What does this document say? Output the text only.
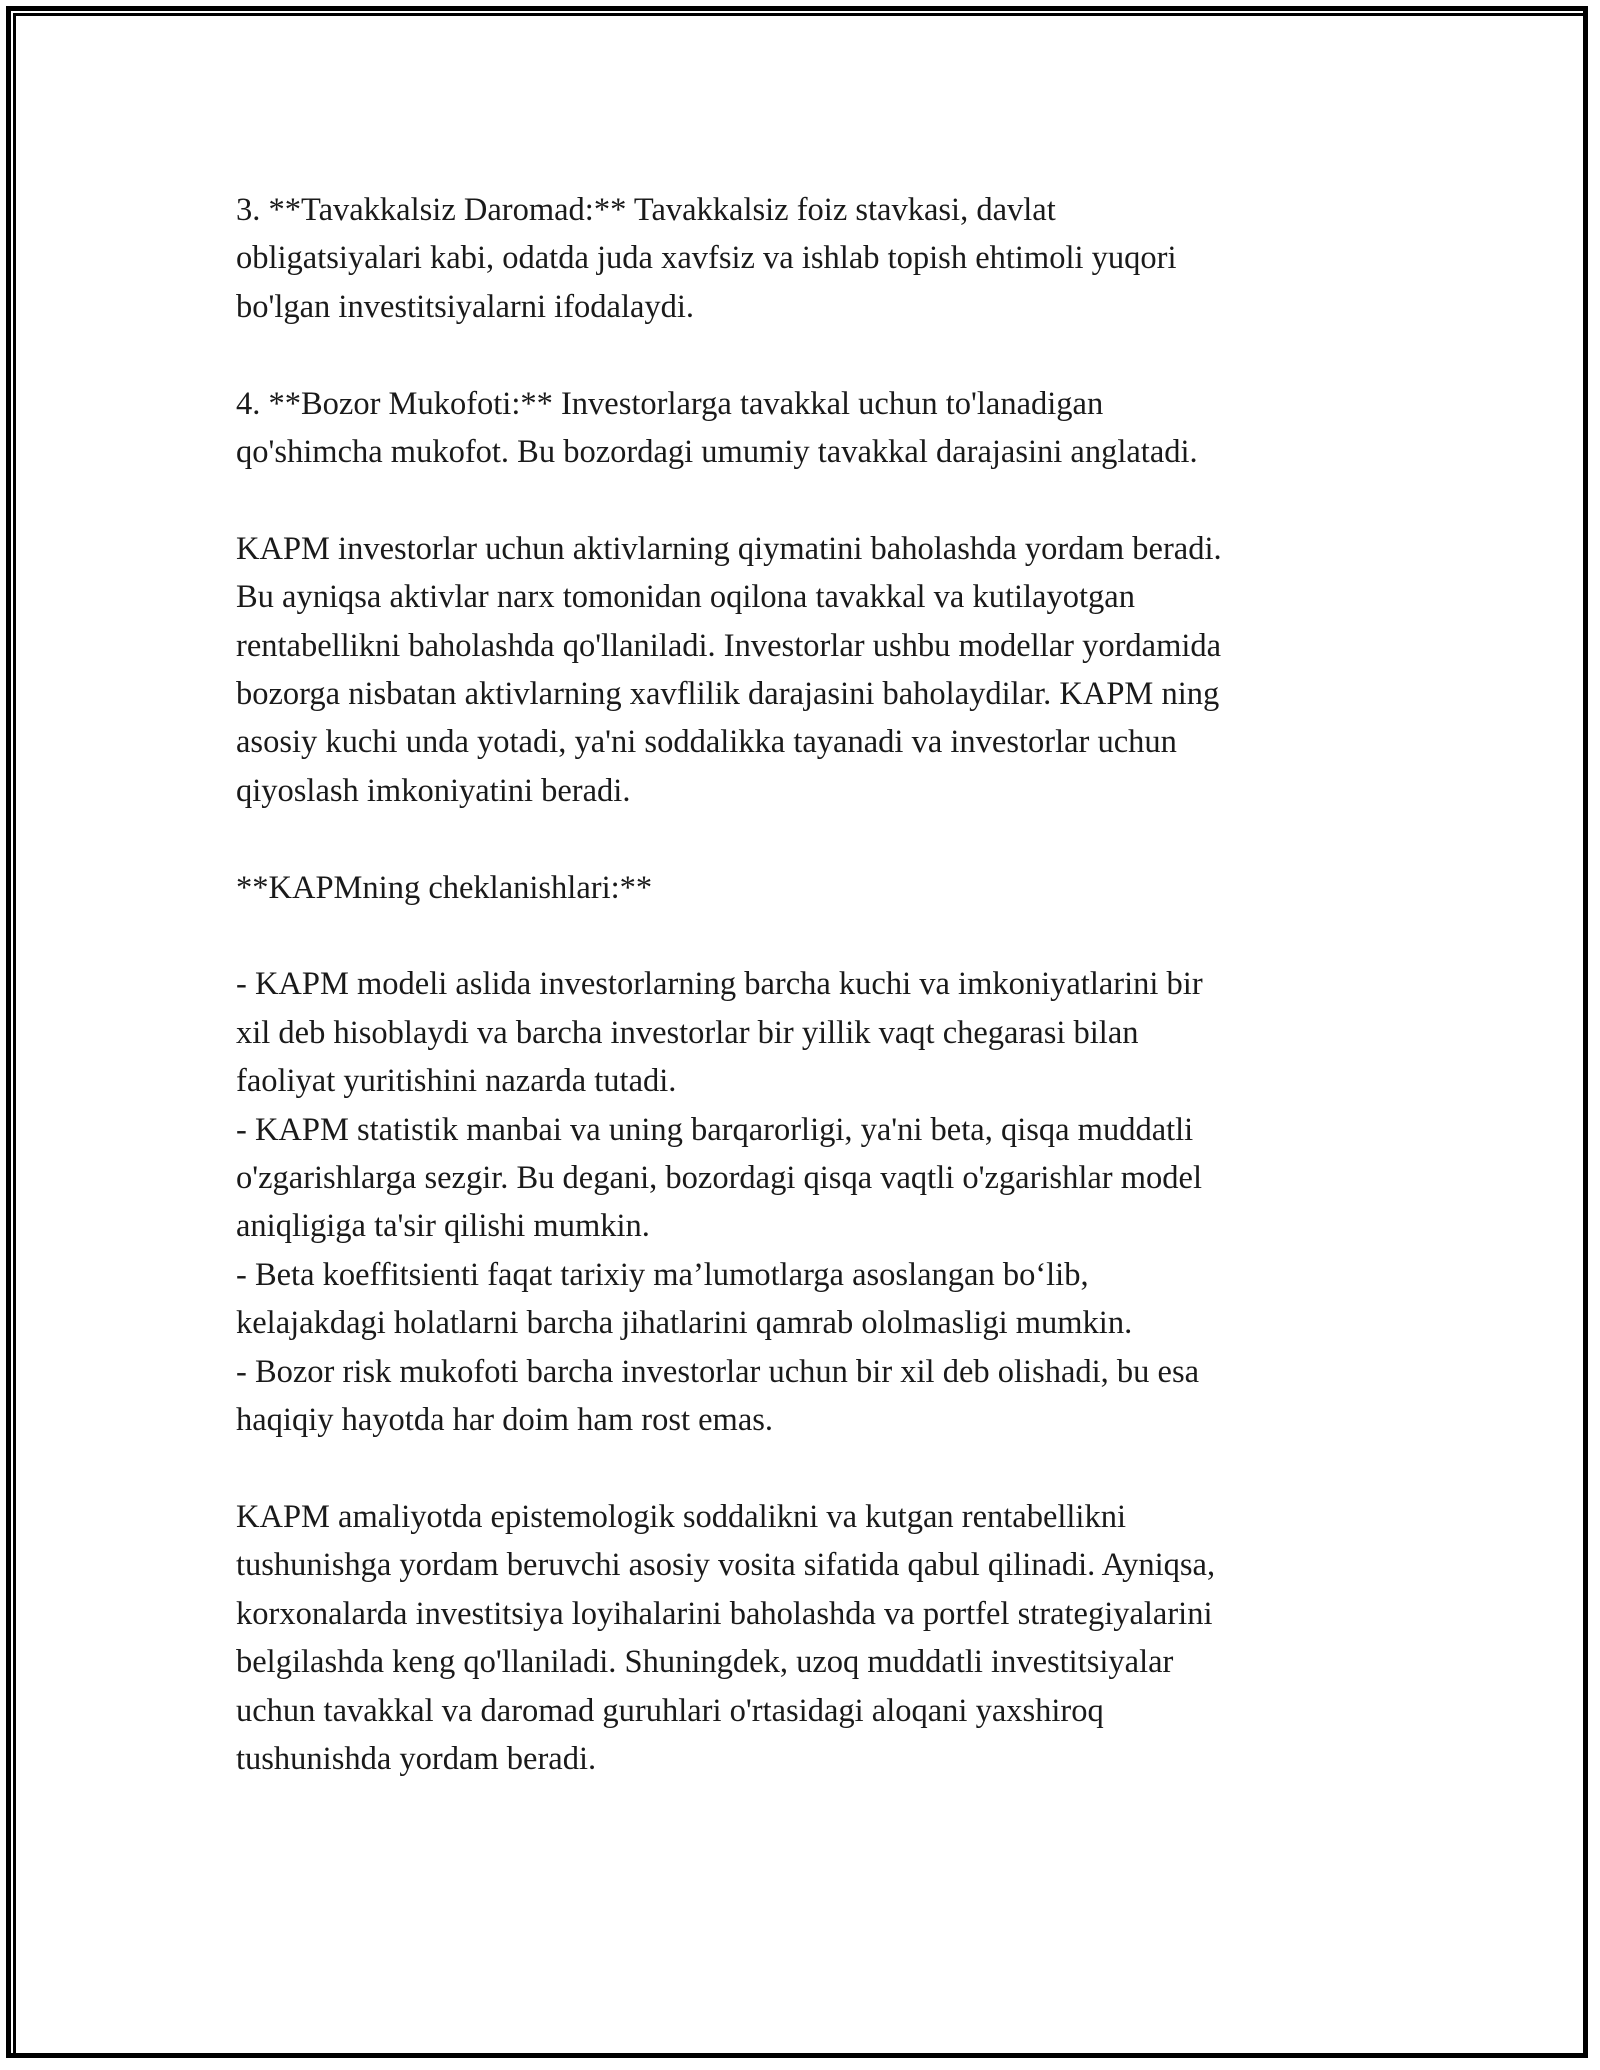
3. **Tavakkalsiz Daromad:** Tavakkalsiz foiz stavkasi, davlat
obligatsiyalari kabi, odatda juda xavfsiz va ishlab topish ehtimoli yuqori
bo'lgan investitsiyalarni ifodalaydi.

4. **Bozor Mukofoti:** Investorlarga tavakkal uchun to'lanadigan
qo'shimcha mukofot. Bu bozordagi umumiy tavakkal darajasini anglatadi.

KAPM investorlar uchun aktivlarning qiymatini baholashda yordam beradi.
Bu ayniqsa aktivlar narx tomonidan oqilona tavakkal va kutilayotgan
rentabellikni baholashda qo'llaniladi. Investorlar ushbu modellar yordamida
bozorga nisbatan aktivlarning xavflilik darajasini baholaydilar. KAPM ning
asosiy kuchi unda yotadi, ya'ni soddalikka tayanadi va investorlar uchun
qiyoslash imkoniyatini beradi.

**KAPMning cheklanishlari:**

- KAPM modeli aslida investorlarning barcha kuchi va imkoniyatlarini bir
xil deb hisoblaydi va barcha investorlar bir yillik vaqt chegarasi bilan
faoliyat yuritishini nazarda tutadi.
- KAPM statistik manbai va uning barqarorligi, ya'ni beta, qisqa muddatli
o'zgarishlarga sezgir. Bu degani, bozordagi qisqa vaqtli o'zgarishlar model
aniqligiga ta'sir qilishi mumkin.
- Beta koeffitsienti faqat tarixiy ma’lumotlarga asoslangan bo‘lib,
kelajakdagi holatlarni barcha jihatlarini qamrab ololmasligi mumkin.
- Bozor risk mukofoti barcha investorlar uchun bir xil deb olishadi, bu esa
haqiqiy hayotda har doim ham rost emas.

KAPM amaliyotda epistemologik soddalikni va kutgan rentabellikni
tushunishga yordam beruvchi asosiy vosita sifatida qabul qilinadi. Ayniqsa,
korxonalarda investitsiya loyihalarini baholashda va portfel strategiyalarini
belgilashda keng qo'llaniladi. Shuningdek, uzoq muddatli investitsiyalar
uchun tavakkal va daromad guruhlari o'rtasidagi aloqani yaxshiroq
tushunishda yordam beradi.
